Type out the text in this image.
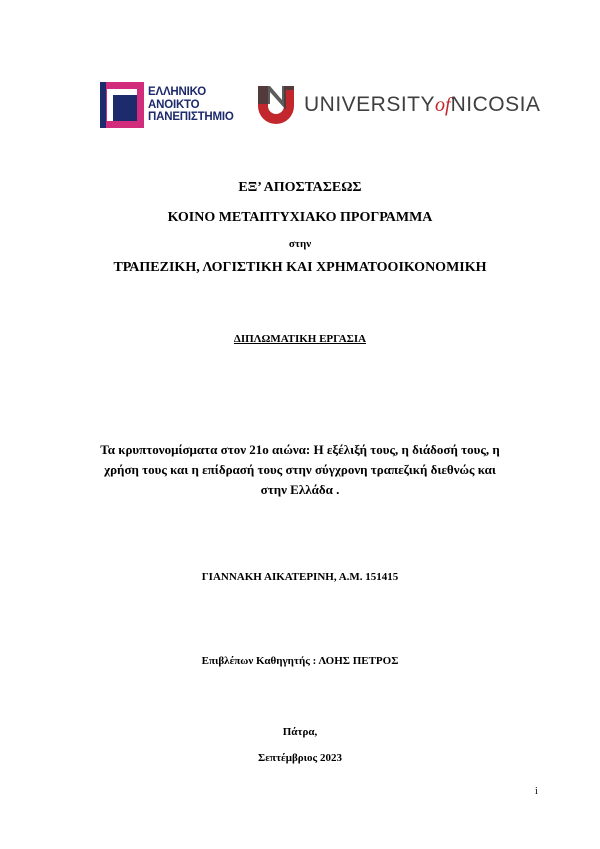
ΕΛΛΗΝΙΚΟ
ΑΝΟΙΚΤΟ
ΠΑΝΕΠΙΣΤΗΜΙΟ
UNIVERSITYofNICOSIA
ΕΞ’ ΑΠΟΣΤΑΣΕΩΣ
ΚΟΙΝΟ ΜΕΤΑΠΤΥΧΙΑΚΟ ΠΡΟΓΡΑΜΜΑ
στην
ΤΡΑΠΕΖΙΚΗ, ΛΟΓΙΣΤΙΚΗ ΚΑΙ ΧΡΗΜΑΤΟΟΙΚΟΝΟΜΙΚΗ
ΔΙΠΛΩΜΑΤΙΚΗ ΕΡΓΑΣΙΑ
Τα κρυπτονομίσματα στον 21ο αιώνα: Η εξέλιξή τους, η διάδοσή τους, η
χρήση τους και η επίδρασή τους στην σύγχρονη τραπεζική διεθνώς και
στην Ελλάδα .
ΓΙΑΝΝΑΚΗ ΑΙΚΑΤΕΡΙΝΗ, Α.Μ. 151415
Επιβλέπων Καθηγητής : ΛΟΗΣ ΠΕΤΡΟΣ
Πάτρα,
Σεπτέμβριος 2023
i
